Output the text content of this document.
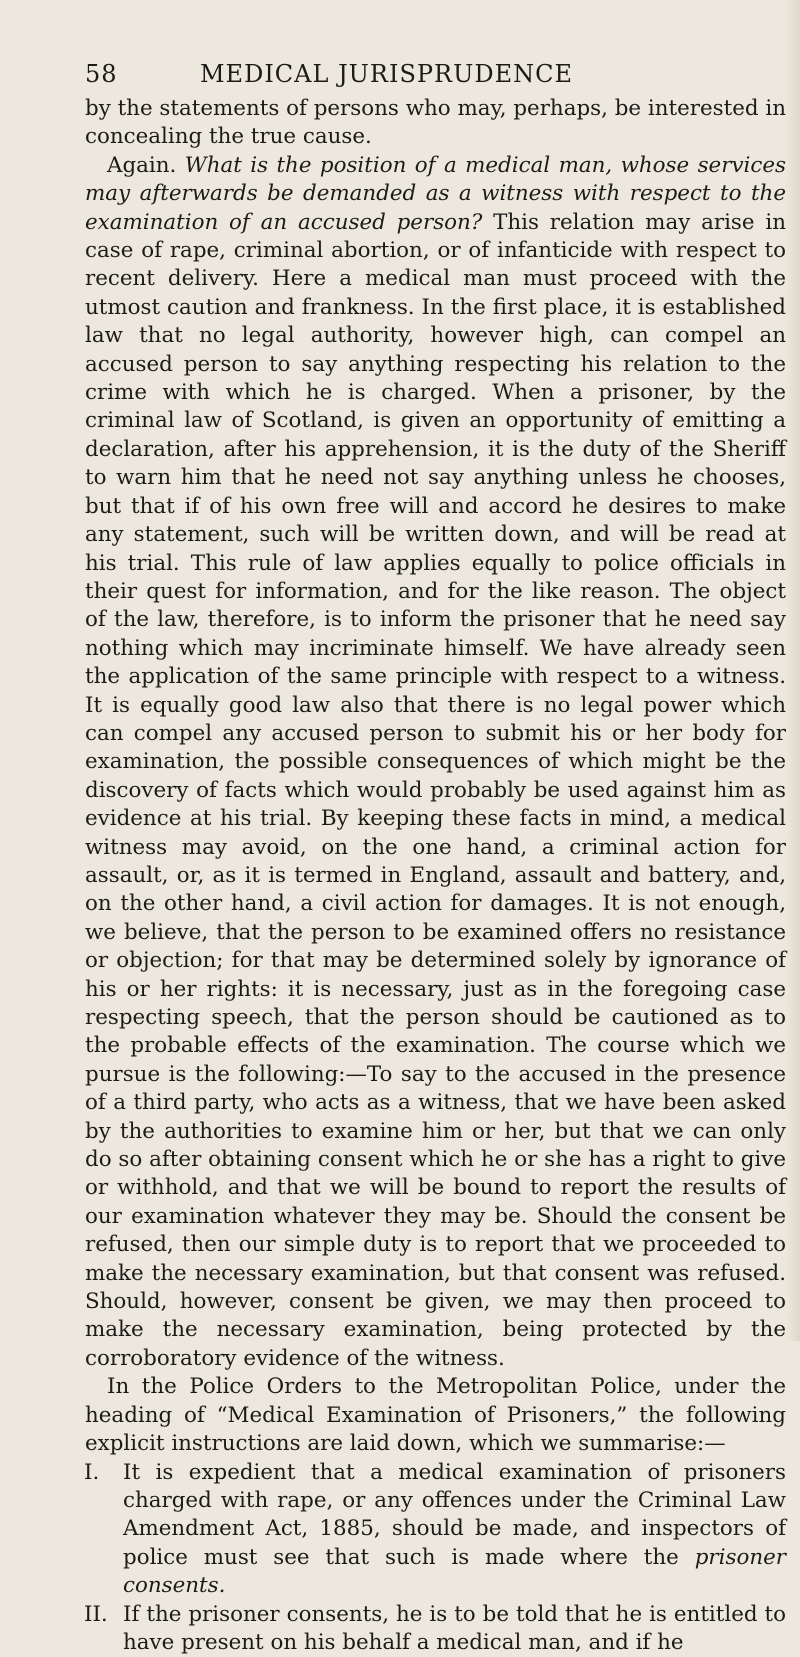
58	MEDICAL JURISPRUDENCE

by the statements of persons who may, perhaps, be interested in concealing the true cause.

Again. What is the position of a medical man, whose services may afterwards be demanded as a witness with respect to the examination of an accused person? This relation may arise in case of rape, criminal abortion, or of infanticide with respect to recent delivery. Here a medical man must proceed with the utmost caution and frankness. In the first place, it is established law that no legal authority, however high, can compel an accused person to say anything respecting his relation to the crime with which he is charged. When a prisoner, by the criminal law of Scotland, is given an opportunity of emitting a declaration, after his apprehension, it is the duty of the Sheriff to warn him that he need not say anything unless he chooses, but that if of his own free will and accord he desires to make any statement, such will be written down, and will be read at his trial. This rule of law applies equally to police officials in their quest for information, and for the like reason. The object of the law, therefore, is to inform the prisoner that he need say nothing which may incriminate himself. We have already seen the application of the same principle with respect to a witness. It is equally good law also that there is no legal power which can compel any accused person to submit his or her body for examination, the possible consequences of which might be the discovery of facts which would probably be used against him as evidence at his trial. By keeping these facts in mind, a medical witness may avoid, on the one hand, a criminal action for assault, or, as it is termed in England, assault and battery, and, on the other hand, a civil action for damages. It is not enough, we believe, that the person to be examined offers no resistance or objection; for that may be determined solely by ignorance of his or her rights: it is necessary, just as in the foregoing case respecting speech, that the person should be cautioned as to the probable effects of the examination. The course which we pursue is the following:—To say to the accused in the presence of a third party, who acts as a witness, that we have been asked by the authorities to examine him or her, but that we can only do so after obtaining consent which he or she has a right to give or withhold, and that we will be bound to report the results of our examination whatever they may be. Should the consent be refused, then our simple duty is to report that we proceeded to make the necessary examination, but that consent was refused. Should, however, consent be given, we may then proceed to make the necessary examination, being protected by the corroboratory evidence of the witness.

In the Police Orders to the Metropolitan Police, under the heading of “Medical Examination of Prisoners,” the following explicit instructions are laid down, which we summarise:—

I. It is expedient that a medical examination of prisoners charged with rape, or any offences under the Criminal Law Amendment Act, 1885, should be made, and inspectors of police must see that such is made where the prisoner consents.

II. If the prisoner consents, he is to be told that he is entitled to have present on his behalf a medical man, and if he
